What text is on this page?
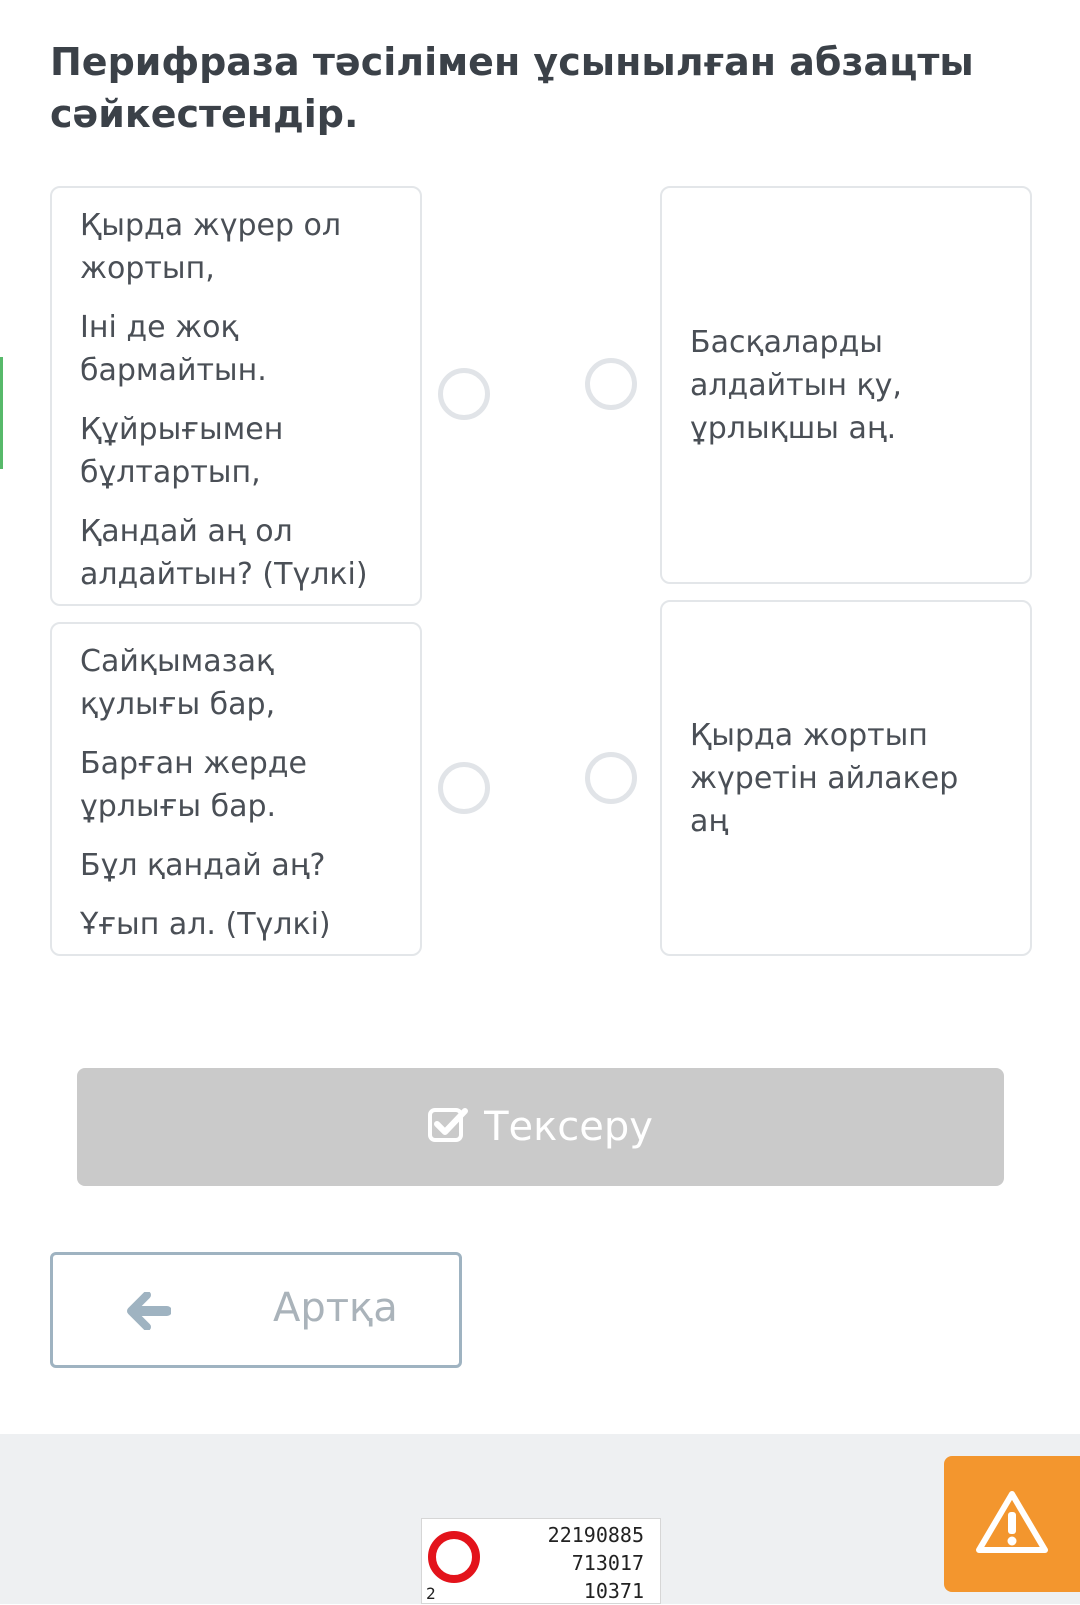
Перифраза тәсілімен ұсынылған абзацты сәйкестендір.
Қырда жүрер ол
жортып,
Іні де жоқ
бармайтын.
Құйрығымен
бұлтартып,
Қандай аң ол
алдайтын? (Түлкі)
Сайқымазақ
қулығы бар,
Барған жерде
ұрлығы бар.
Бұл қандай аң?
Ұғып ал. (Түлкі)
Басқаларды
алдайтын қу,
ұрлықшы аң.
Қырда жортып
жүретін айлакер аң
Тексеру
Артқа
22190885
713017
10371
2
